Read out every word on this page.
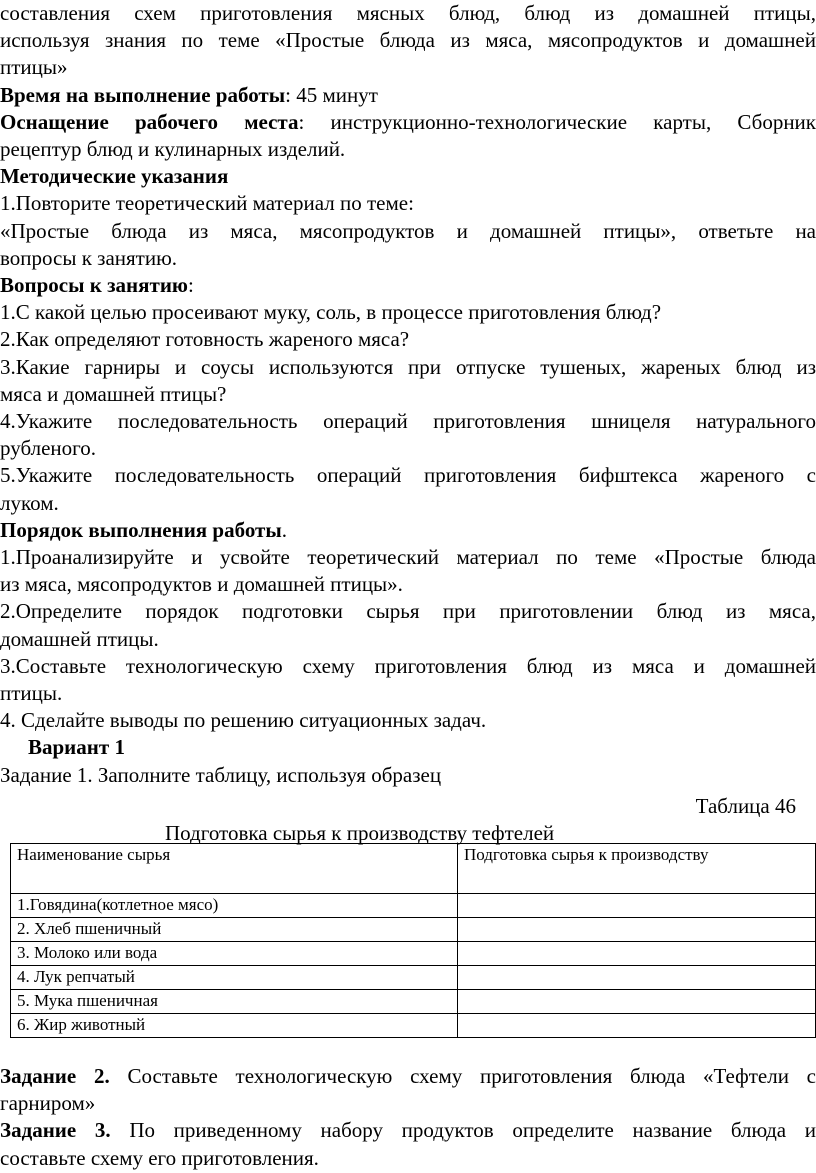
составления схем приготовления мясных блюд, блюд из домашней птицы,

используя знания по теме «Простые блюда из мяса, мясопродуктов и домашней

птицы»

Время на выполнение работы: 45 минут

Оснащение рабочего места: инструкционно-технологические карты, Сборник

рецептур блюд и кулинарных изделий.

Методические указания

1.Повторите теоретический материал по теме:

«Простые блюда из мяса, мясопродуктов и домашней птицы», ответьте на

вопросы к занятию.

Вопросы к занятию:

1.С какой целью просеивают муку, соль, в процессе приготовления блюд?

2.Как определяют готовность жареного мяса?

3.Какие гарниры и соусы используются при отпуске тушеных, жареных блюд из

мяса и домашней птицы?

4.Укажите последовательность операций приготовления шницеля натурального

рубленого.

5.Укажите последовательность операций приготовления бифштекса жареного с

луком.

Порядок выполнения работы.

1.Проанализируйте и усвойте теоретический материал по теме «Простые блюда

из мяса, мясопродуктов и домашней птицы».

2.Определите порядок подготовки сырья при приготовлении блюд из мяса,

домашней птицы.

3.Составьте технологическую схему приготовления блюд из мяса и домашней

птицы.

4. Сделайте выводы по решению ситуационных задач.

Вариант 1

Задание 1. Заполните таблицу, используя образец

Таблица 46

Подготовка сырья к производству тефтелей

Наименование сырья	Подготовка сырья к производству
1.Говядина(котлетное мясо)	
2. Хлеб пшеничный	
3. Молоко или вода	
4. Лук репчатый	
5. Мука пшеничная	
6. Жир животный	

Задание 2. Составьте технологическую схему приготовления блюда «Тефтели с

гарниром»

Задание 3. По приведенному набору продуктов определите название блюда и

составьте схему его приготовления.
